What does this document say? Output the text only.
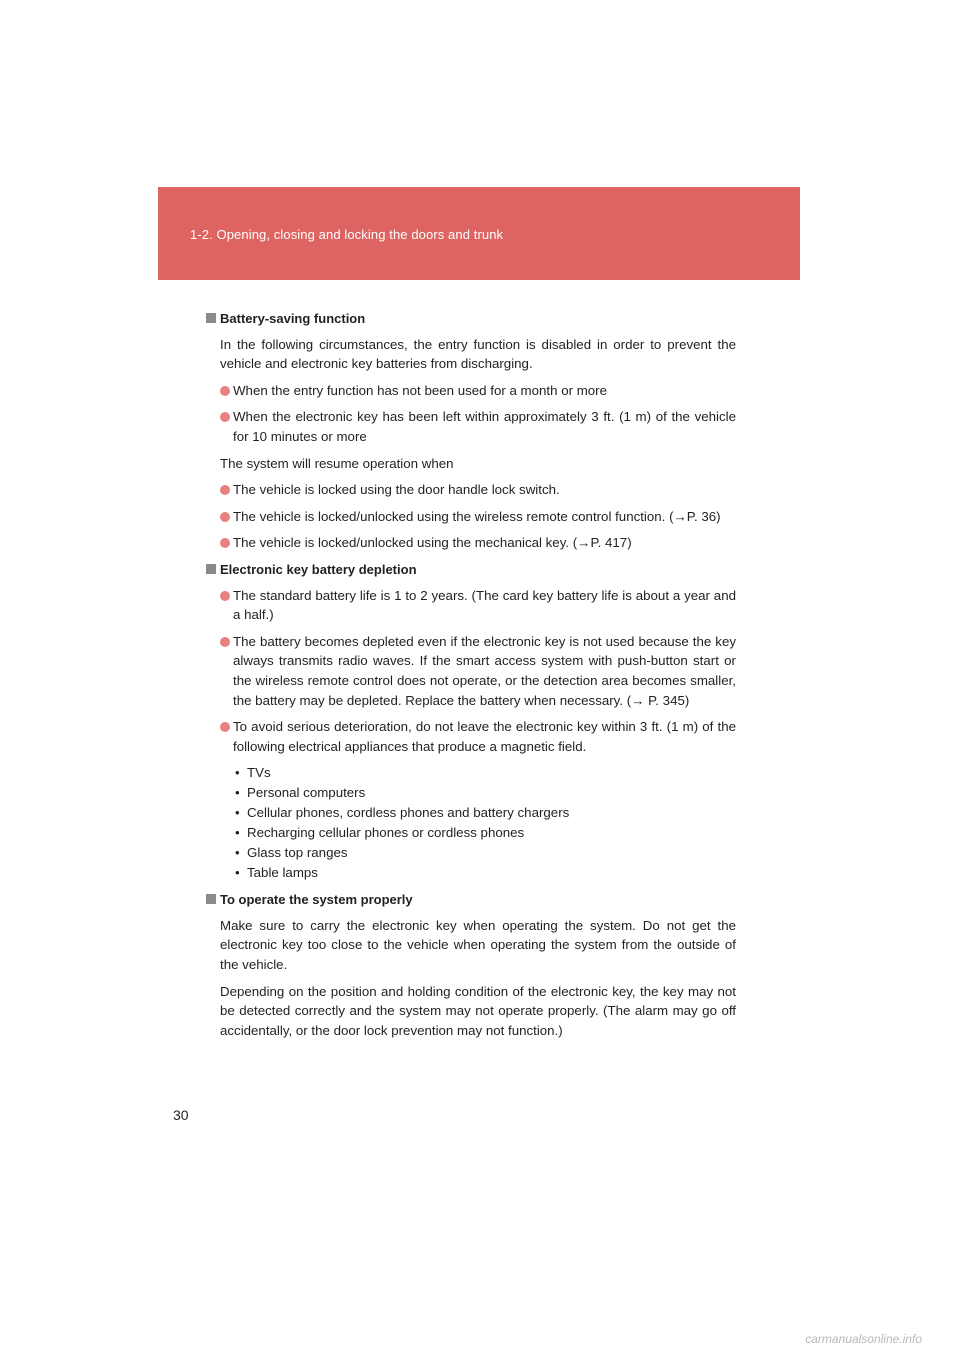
1-2. Opening, closing and locking the doors and trunk
Battery-saving function

In the following circumstances, the entry function is disabled in order to prevent the vehicle and electronic key batteries from discharging.

When the entry function has not been used for a month or more
When the electronic key has been left within approximately 3 ft. (1 m) of the vehicle for 10 minutes or more

The system will resume operation when

The vehicle is locked using the door handle lock switch.
The vehicle is locked/unlocked using the wireless remote control function. (→P. 36)
The vehicle is locked/unlocked using the mechanical key. (→P. 417)
Electronic key battery depletion
The standard battery life is 1 to 2 years. (The card key battery life is about a year and a half.)
The battery becomes depleted even if the electronic key is not used because the key always transmits radio waves. If the smart access system with push-button start or the wireless remote control does not operate, or the detection area becomes smaller, the battery may be depleted. Replace the battery when necessary. (→ P. 345)
To avoid serious deterioration, do not leave the electronic key within 3 ft. (1 m) of the following electrical appliances that produce a magnetic field.
• TVs
• Personal computers
• Cellular phones, cordless phones and battery chargers
• Recharging cellular phones or cordless phones
• Glass top ranges
• Table lamps
To operate the system properly

Make sure to carry the electronic key when operating the system. Do not get the electronic key too close to the vehicle when operating the system from the outside of the vehicle.

Depending on the position and holding condition of the electronic key, the key may not be detected correctly and the system may not operate properly. (The alarm may go off accidentally, or the door lock prevention may not function.)

30
carmanualsonline.info
